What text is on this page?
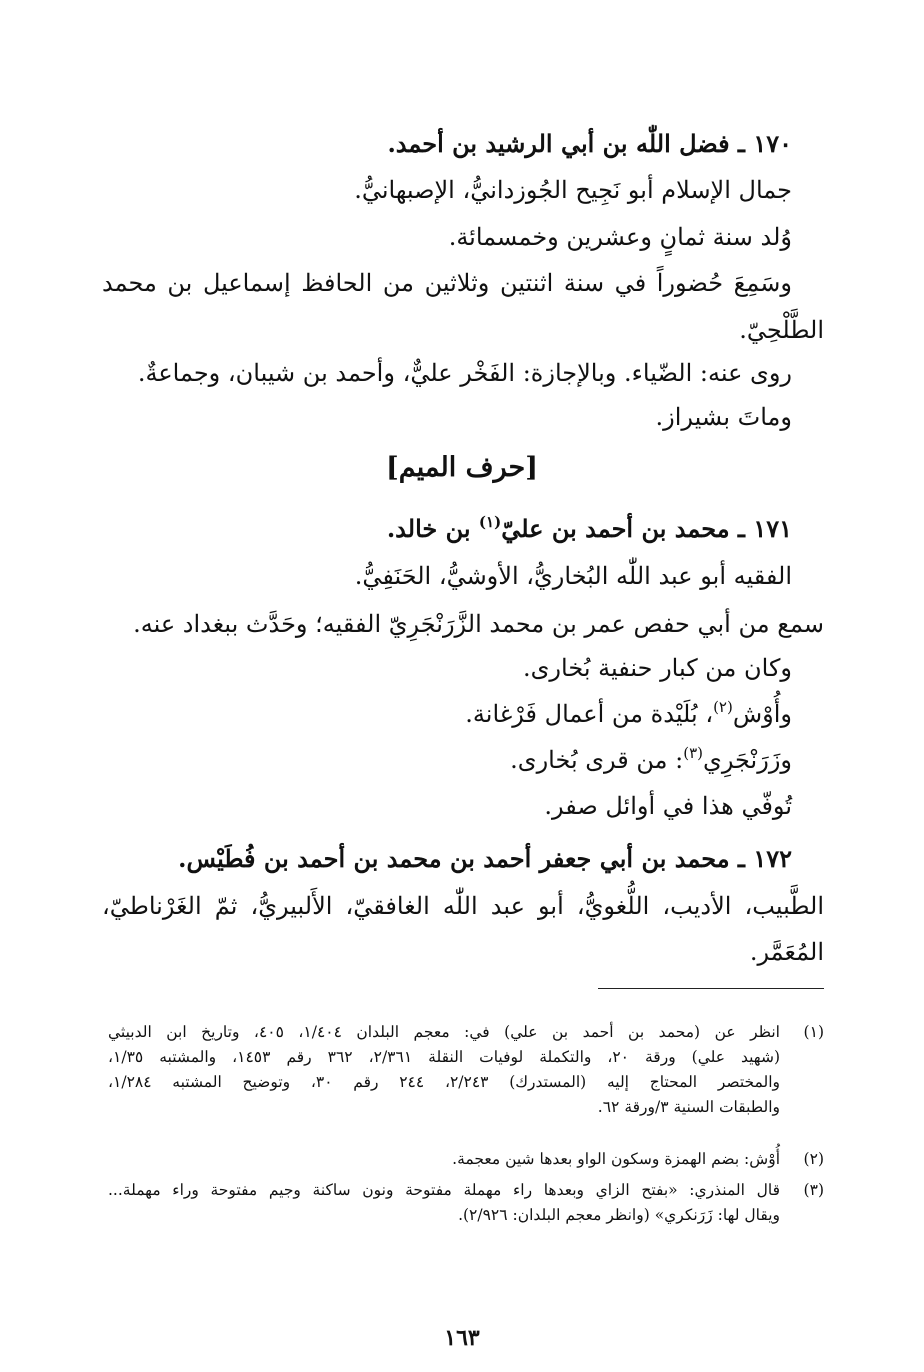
١٧٠ ـ فضل اللّٰه بن أبي الرشيد بن أحمد.
جمال الإسلام أبو نَجِيح الجُوزدانيُّ، الإصبهانيُّ.
وُلد سنة ثمانٍ وعشرين وخمسمائة.
وسَمِعَ حُضوراً في سنة اثنتين وثلاثين من الحافظ إسماعيل بن محمد
الطَّلْحِيّ.
روى عنه: الضّياء. وبالإجازة: الفَخْر عليٌّ، وأحمد بن شيبان، وجماعةٌ.
وماتَ بشيراز.
[حرف الميم]
١٧١ ـ محمد بن أحمد بن عليّ$^{(١)}$ بن خالد.
الفقيه أبو عبد اللّٰه البُخاريُّ، الأوشيُّ، الحَنَفِيُّ.
سمع من أبي حفص عمر بن محمد الزَّرَنْجَرِيّ الفقيه؛ وحَدَّث ببغداد عنه.
وكان من كبار حنفية بُخارى.
وأُوْش$^{(٢)}$، بُلَيْدة من أعمال فَرْغانة.
وزَرَنْجَرِي$^{(٣)}$: من قرى بُخارى.
تُوفّي هذا في أوائل صفر.
١٧٢ ـ محمد بن أبي جعفر أحمد بن محمد بن أحمد بن فُطَيْس.
الطَّبيب، الأديب، اللُّغويُّ، أبو عبد اللّٰه الغافقيّ، الأَلبيريُّ، ثمّ الغَرْناطيّ،
المُعَمَّر.
(١)
انظر عن (محمد بن أحمد بن علي) في: معجم البلدان ١/٤٠٤، ٤٠٥، وتاريخ ابن الدبيثي
(شهيد علي) ورقة ٢٠، والتكملة لوفيات النقلة ٢/٣٦١، ٣٦٢ رقم ١٤٥٣، والمشتبه ١/٣٥،
والمختصر المحتاج إليه (المستدرك) ٢/٢٤٣، ٢٤٤ رقم ٣٠، وتوضيح المشتبه ١/٢٨٤،
والطبقات السنية ٣/ورقة ٦٢.
(٢)
أُوْش: بضم الهمزة وسكون الواو بعدها شين معجمة.
(٣)
قال المنذري: «بفتح الزاي وبعدها راء مهملة مفتوحة ونون ساكنة وجيم مفتوحة وراء مهملة...
ويقال لها: زَرَنكري» (وانظر معجم البلدان: ٢/٩٢٦).
١٦٣
